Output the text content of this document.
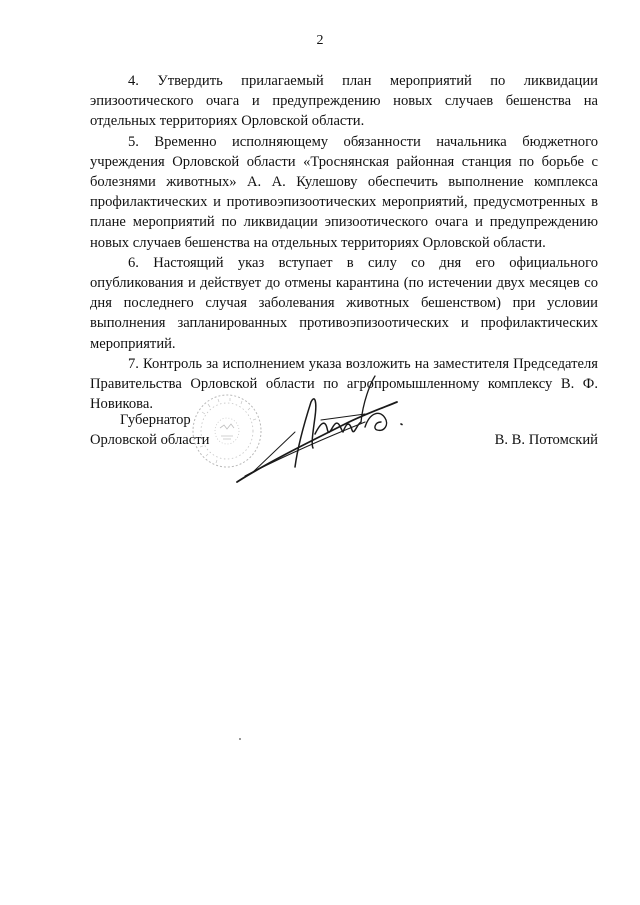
2

4. Утвердить прилагаемый план мероприятий по ликвидации эпизоотического очага и предупреждению новых случаев бешенства на отдельных территориях Орловской области.

5. Временно исполняющему обязанности начальника бюджетного учреждения Орловской области «Троснянская районная станция по борьбе с болезнями животных» А. А. Кулешову обеспечить выполнение комплекса профилактических и противоэпизоотических мероприятий, предусмотренных в плане мероприятий по ликвидации эпизоотического очага и предупреждению новых случаев бешенства на отдельных территориях Орловской области.

6. Настоящий указ вступает в силу со дня его официального опубликования и действует до отмены карантина (по истечении двух месяцев со дня последнего случая заболевания животных бешенством) при условии выполнения запланированных противоэпизоотических и профилактических мероприятий.

7. Контроль за исполнением указа возложить на заместителя Председателя Правительства Орловской области по агропромышленному комплексу В. Ф. Новикова.

Губернатор
Орловской области	В. В. Потомский
